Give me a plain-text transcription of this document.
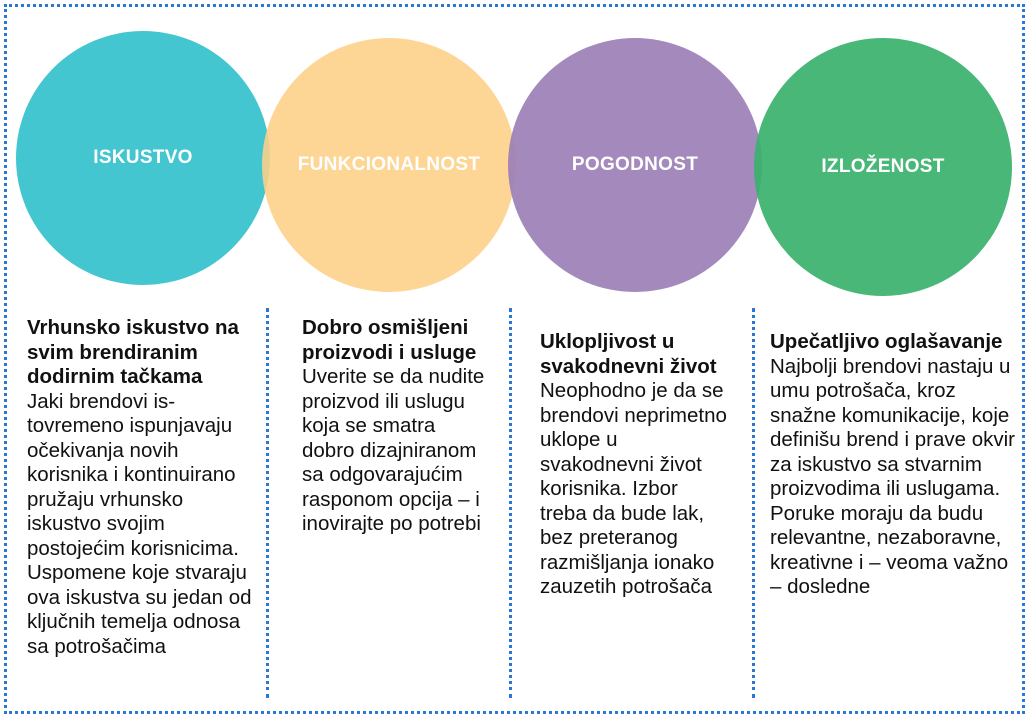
ISKUSTVO	FUNKCIONALNOST	POGODNOST	IZLOŽENOST
Vrhunsko iskustvo na svim brendiranim dodirnim tačkama

Jaki brendovi istovremeno ispunjavaju očekivanja novih korisnika i kontinuirano pružaju vrhunsko iskustvo svojim postojećim korisnicima. Uspomene koje stvaraju ova iskustva su jedan od ključnih temelja odnosa sa potrošačima

Dobro osmišljeni proizvodi i usluge

Uverite se da nudite proizvod ili uslugu koja se smatra dobro dizajniranom sa odgovarajućim rasponom opcija – i inovirajte po potrebi

Uklopljivost u svakodnevni život

Neophodno je da se brendovi neprimetno uklope u svakodnevni život korisnika. Izbor treba da bude lak, bez preteranog razmišljanja ionako zauzetih potrošača

Upečatljivo oglašavanje

Najbolji brendovi nastaju u umu potrošača, kroz snažne komunikacije, koje definišu brend i prave okvir za iskustvo sa stvarnim proizvodima ili uslugama. Poruke moraju da budu relevantne, nezaboravne, kreativne i – veoma važno – dosledne
